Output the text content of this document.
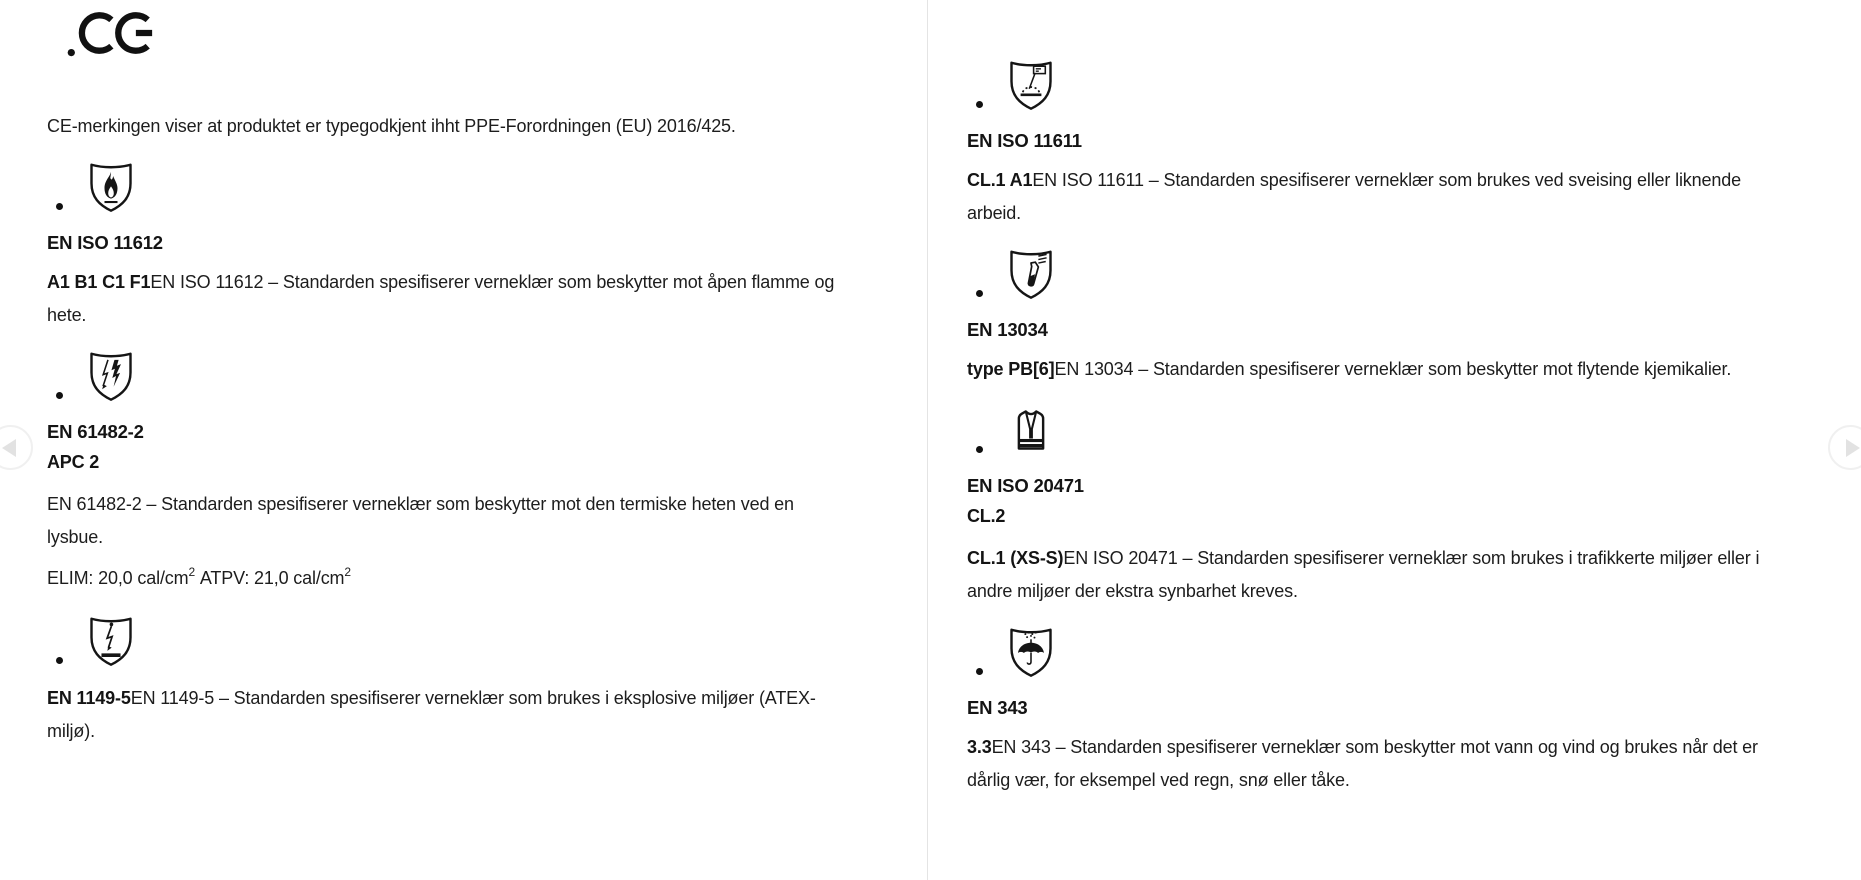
CE-merkingen viser at produktet er typegodkjent ihht PPE-Forordningen (EU) 2016/425.

EN ISO 11612

A1 B1 C1 F1EN ISO 11612 – Standarden spesifiserer verneklær som beskytter mot åpen flamme og hete.

EN 61482-2

APC 2

EN 61482-2 – Standarden spesifiserer verneklær som beskytter mot den termiske heten ved en lysbue.

ELIM: 20,0 cal/$cm^2$ ATPV: 21,0 cal/$cm^2$

EN 1149-5EN 1149-5 – Standarden spesifiserer verneklær som brukes i eksplosive miljøer (ATEX-miljø).

EN ISO 11611

CL.1 A1EN ISO 11611 – Standarden spesifiserer verneklær som brukes ved sveising eller liknende arbeid.

EN 13034

type PB[6]EN 13034 – Standarden spesifiserer verneklær som beskytter mot flytende kjemikalier.

EN ISO 20471

CL.2

CL.1 (XS-S)EN ISO 20471 – Standarden spesifiserer verneklær som brukes i trafikkerte miljøer eller i andre miljøer der ekstra synbarhet kreves.

EN 343

3.3EN 343 – Standarden spesifiserer verneklær som beskytter mot vann og vind og brukes når det er dårlig vær, for eksempel ved regn, snø eller tåke.
